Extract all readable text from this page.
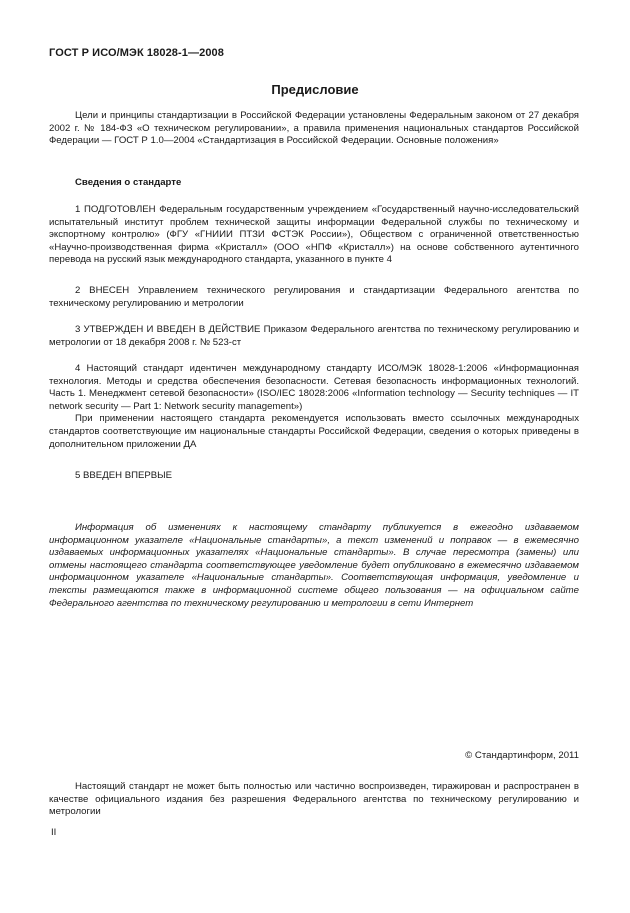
ГОСТ Р ИСО/МЭК 18028-1—2008
Предисловие

Цели и принципы стандартизации в Российской Федерации установлены Федеральным законом от 27 декабря 2002 г. № 184-ФЗ «О техническом регулировании», а правила применения национальных стандартов Российской Федерации — ГОСТ Р 1.0—2004 «Стандартизация в Российской Федерации. Основные положения»

Сведения о стандарте

1 ПОДГОТОВЛЕН Федеральным государственным учреждением «Государственный научно-исследовательский испытательный институт проблем технической защиты информации Федеральной службы по техническому и экспортному контролю» (ФГУ «ГНИИИ ПТЗИ ФСТЭК России»), Обществом с ограниченной ответственностью «Научно-производственная фирма «Кристалл» (ООО «НПФ «Кристалл») на основе собственного аутентичного перевода на русский язык международного стандарта, указанного в пункте 4

2 ВНЕСЕН Управлением технического регулирования и стандартизации Федерального агентства по техническому регулированию и метрологии

3 УТВЕРЖДЕН И ВВЕДЕН В ДЕЙСТВИЕ Приказом Федерального агентства по техническому регулированию и метрологии от 18 декабря 2008 г. № 523-ст

4 Настоящий стандарт идентичен международному стандарту ИСО/МЭК 18028-1:2006 «Информационная технология. Методы и средства обеспечения безопасности. Сетевая безопасность информационных технологий. Часть 1. Менеджмент сетевой безопасности» (ISO/IEC 18028:2006 «Information technology — Security techniques — IT network security — Part 1: Network security management»)

При применении настоящего стандарта рекомендуется использовать вместо ссылочных международных стандартов соответствующие им национальные стандарты Российской Федерации, сведения о которых приведены в дополнительном приложении ДА

5 ВВЕДЕН ВПЕРВЫЕ

Информация об изменениях к настоящему стандарту публикуется в ежегодно издаваемом информационном указателе «Национальные стандарты», а текст изменений и поправок — в ежемесячно издаваемых информационных указателях «Национальные стандарты». В случае пересмотра (замены) или отмены настоящего стандарта соответствующее уведомление будет опубликовано в ежемесячно издаваемом информационном указателе «Национальные стандарты». Соответствующая информация, уведомление и тексты размещаются также в информационной системе общего пользования — на официальном сайте Федерального агентства по техническому регулированию и метрологии в сети Интернет

© Стандартинформ, 2011

Настоящий стандарт не может быть полностью или частично воспроизведен, тиражирован и распространен в качестве официального издания без разрешения Федерального агентства по техническому регулированию и метрологии

II
